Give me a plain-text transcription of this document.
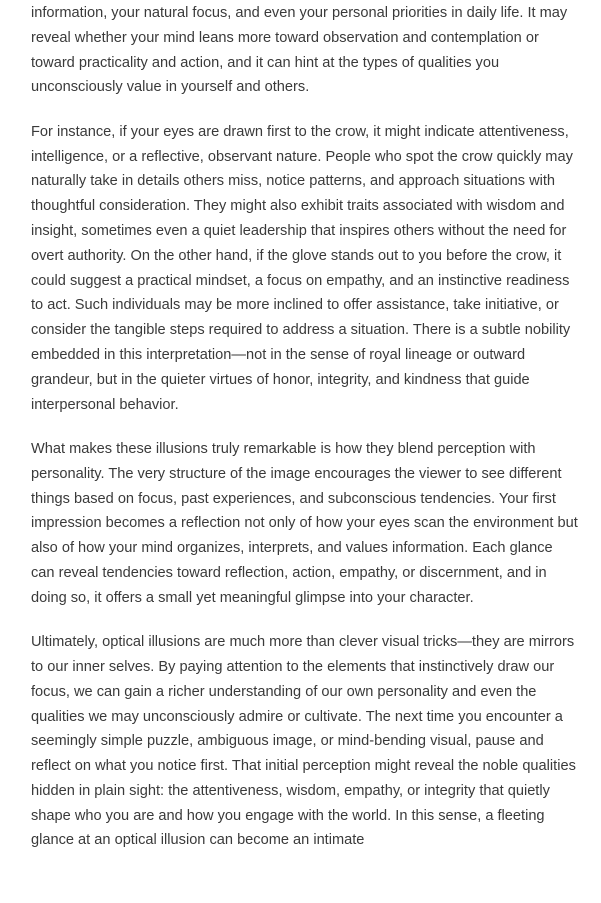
information, your natural focus, and even your personal priorities in daily life. It may reveal whether your mind leans more toward observation and contemplation or toward practicality and action, and it can hint at the types of qualities you unconsciously value in yourself and others.

For instance, if your eyes are drawn first to the crow, it might indicate attentiveness, intelligence, or a reflective, observant nature. People who spot the crow quickly may naturally take in details others miss, notice patterns, and approach situations with thoughtful consideration. They might also exhibit traits associated with wisdom and insight, sometimes even a quiet leadership that inspires others without the need for overt authority. On the other hand, if the glove stands out to you before the crow, it could suggest a practical mindset, a focus on empathy, and an instinctive readiness to act. Such individuals may be more inclined to offer assistance, take initiative, or consider the tangible steps required to address a situation. There is a subtle nobility embedded in this interpretation—not in the sense of royal lineage or outward grandeur, but in the quieter virtues of honor, integrity, and kindness that guide interpersonal behavior.

What makes these illusions truly remarkable is how they blend perception with personality. The very structure of the image encourages the viewer to see different things based on focus, past experiences, and subconscious tendencies. Your first impression becomes a reflection not only of how your eyes scan the environment but also of how your mind organizes, interprets, and values information. Each glance can reveal tendencies toward reflection, action, empathy, or discernment, and in doing so, it offers a small yet meaningful glimpse into your character.

Ultimately, optical illusions are much more than clever visual tricks—they are mirrors to our inner selves. By paying attention to the elements that instinctively draw our focus, we can gain a richer understanding of our own personality and even the qualities we may unconsciously admire or cultivate. The next time you encounter a seemingly simple puzzle, ambiguous image, or mind-bending visual, pause and reflect on what you notice first. That initial perception might reveal the noble qualities hidden in plain sight: the attentiveness, wisdom, empathy, or integrity that quietly shape who you are and how you engage with the world. In this sense, a fleeting glance at an optical illusion can become an intimate
